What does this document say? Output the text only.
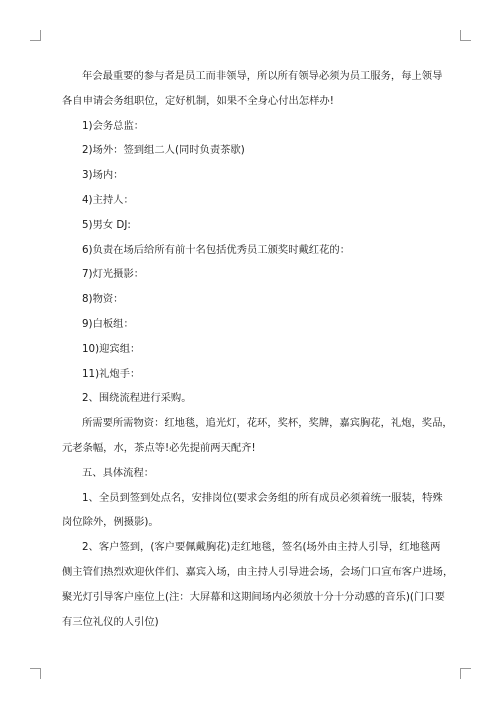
年会最重要的参与者是员工而非领导，所以所有领导必须为员工服务，每上领导

各自申请会务组职位，定好机制，如果不全身心付出怎样办!

1)会务总监：

2)场外：签到组二人(同时负责茶歇)

3)场内：

4)主持人：

5)男女 DJ:

6)负责在场后给所有前十名包括优秀员工颁奖时戴红花的：

7)灯光摄影：

8)物资：

9)白板组：

10)迎宾组：

11)礼炮手：

2、围绕流程进行采购。

所需要所需物资：红地毯，追光灯，花环，奖杯，奖牌，嘉宾胸花，礼炮，奖品，

元老条幅，水，茶点等!必先提前两天配齐!

五、具体流程：

1、全员到签到处点名，安排岗位(要求会务组的所有成员必须着统一服装，特殊

岗位除外，例摄影)。

2、客户签到，(客户要佩戴胸花)走红地毯，签名(场外由主持人引导，红地毯两

侧主管们热烈欢迎伙伴们、嘉宾入场，由主持人引导进会场，会场门口宣布客户进场，

聚光灯引导客户座位上(注：大屏幕和这期间场内必须放十分十分动感的音乐)(门口要

有三位礼仪的人引位)
